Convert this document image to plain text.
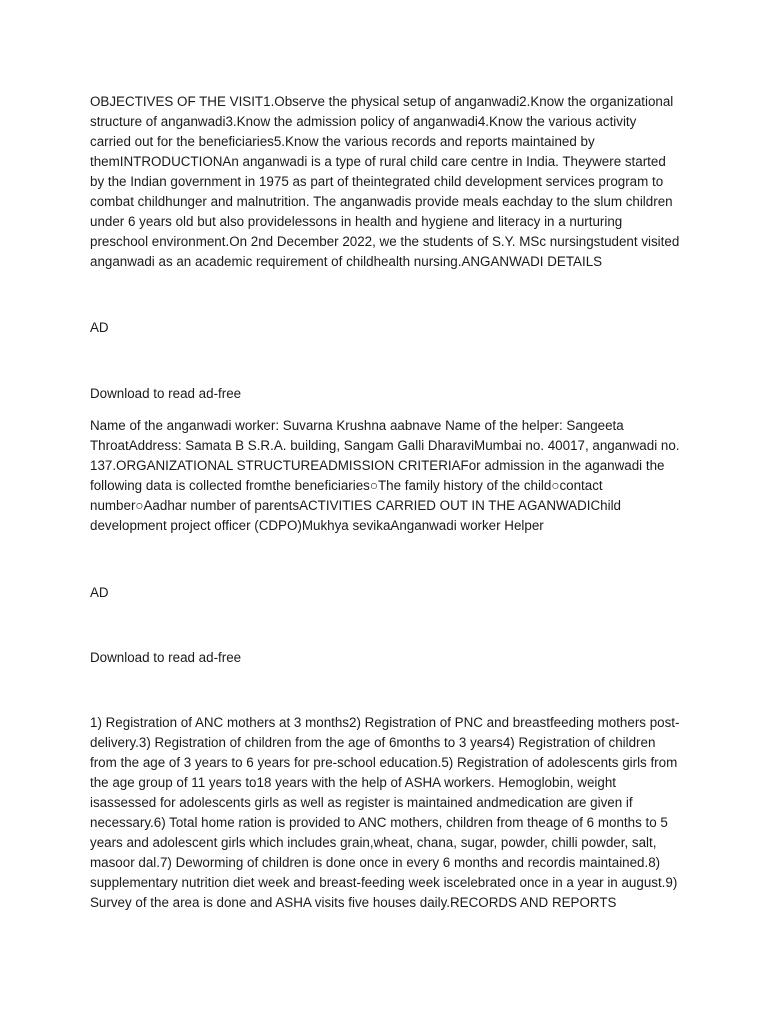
OBJECTIVES OF THE VISIT1.Observe the physical setup of anganwadi2.Know the organizational structure of anganwadi3.Know the admission policy of anganwadi4.Know the various activity carried out for the beneficiaries5.Know the various records and reports maintained by themINTRODUCTIONAn anganwadi is a type of rural child care centre in India. Theywere started by the Indian government in 1975 as part of theintegrated child development services program to combat childhunger and malnutrition. The anganwadis provide meals eachday to the slum children under 6 years old but also providelessons in health and hygiene and literacy in a nurturing preschool environment.On 2nd December 2022, we the students of S.Y. MSc nursingstudent visited anganwadi as an academic requirement of childhealth nursing.ANGANWADI DETAILS

AD

Download to read ad-free

Name of the anganwadi worker: Suvarna Krushna aabnave Name of the helper: Sangeeta ThroatAddress: Samata B S.R.A. building, Sangam Galli DharaviMumbai no. 40017, anganwadi no. 137.ORGANIZATIONAL STRUCTUREADMISSION CRITERIAFor admission in the aganwadi the following data is collected fromthe beneficiaries○The family history of the child○contact number○Aadhar number of parentsACTIVITIES CARRIED OUT IN THE AGANWADIChild development project officer (CDPO)Mukhya sevikaAnganwadi worker Helper

AD

Download to read ad-free

1) Registration of ANC mothers at 3 months2) Registration of PNC and breastfeeding mothers post-delivery.3) Registration of children from the age of 6months to 3 years4) Registration of children from the age of 3 years to 6 years for pre-school education.5) Registration of adolescents girls from the age group of 11 years to18 years with the help of ASHA workers. Hemoglobin, weight isassessed for adolescents girls as well as register is maintained andmedication are given if necessary.6) Total home ration is provided to ANC mothers, children from theage of 6 months to 5 years and adolescent girls which includes grain,wheat, chana, sugar, powder, chilli powder, salt, masoor dal.7) Deworming of children is done once in every 6 months and recordis maintained.8) supplementary nutrition diet week and breast-feeding week iscelebrated once in a year in august.9) Survey of the area is done and ASHA visits five houses daily.RECORDS AND REPORTS
